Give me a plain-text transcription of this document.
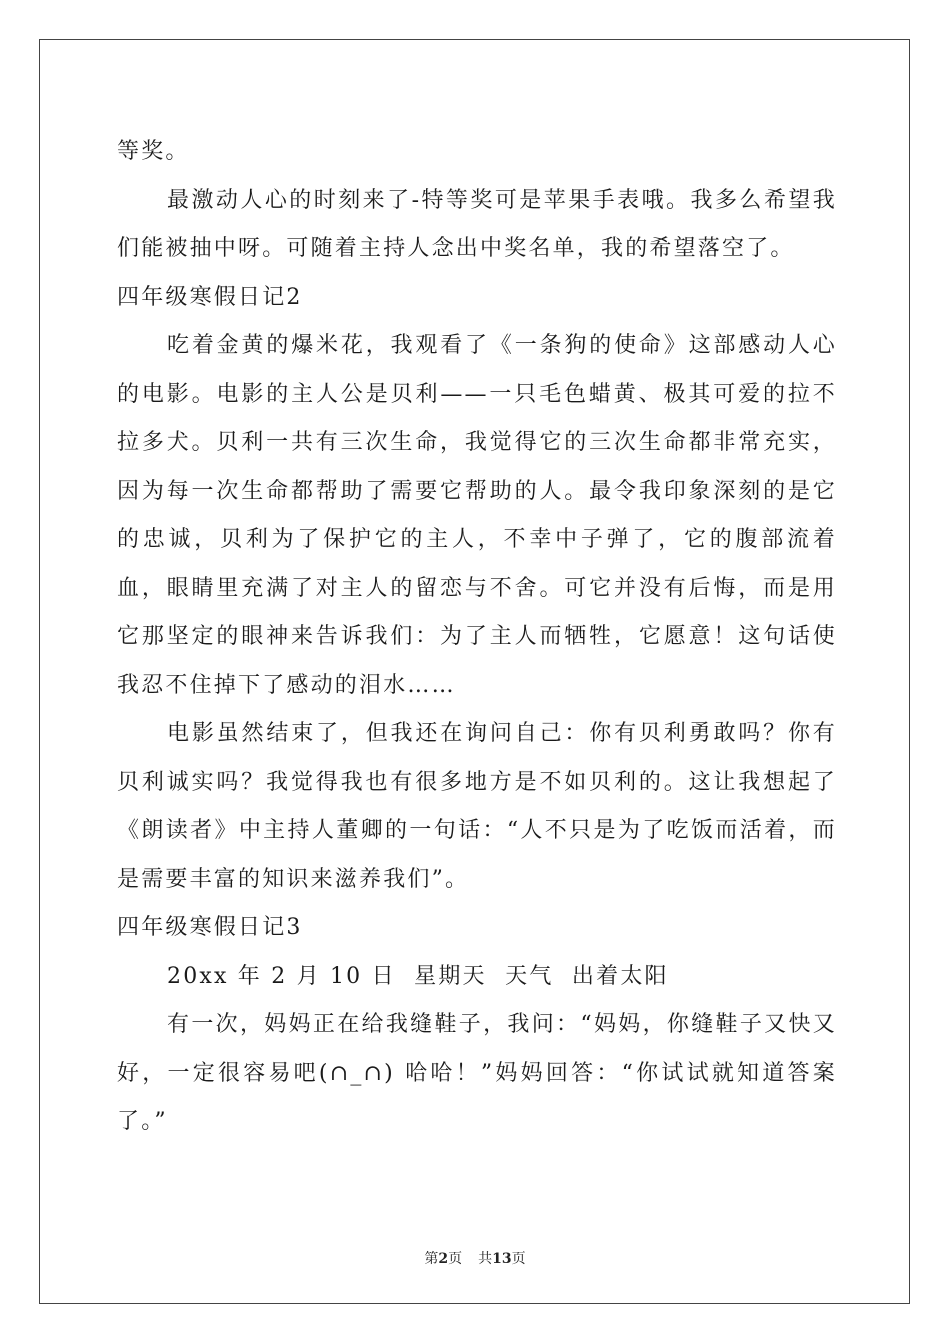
等奖。

最激动人心的时刻来了-特等奖可是苹果手表哦。我多么希望我们能被抽中呀。可随着主持人念出中奖名单，我的希望落空了。

四年级寒假日记2

吃着金黄的爆米花，我观看了《一条狗的使命》这部感动人心的电影。电影的主人公是贝利——一只毛色蜡黄、极其可爱的拉不拉多犬。贝利一共有三次生命，我觉得它的三次生命都非常充实，因为每一次生命都帮助了需要它帮助的人。最令我印象深刻的是它的忠诚，贝利为了保护它的主人，不幸中子弹了，它的腹部流着血，眼睛里充满了对主人的留恋与不舍。可它并没有后悔，而是用它那坚定的眼神来告诉我们：为了主人而牺牲，它愿意！这句话使我忍不住掉下了感动的泪水……

电影虽然结束了，但我还在询问自己：你有贝利勇敢吗？你有贝利诚实吗？我觉得我也有很多地方是不如贝利的。这让我想起了《朗读者》中主持人董卿的一句话：“人不只是为了吃饭而活着，而是需要丰富的知识来滋养我们”。

四年级寒假日记3

20xx 年 2 月 10 日  星期天  天气  出着太阳

有一次，妈妈正在给我缝鞋子，我问：“妈妈，你缝鞋子又快又好，一定很容易吧(∩_∩) 哈哈！”妈妈回答：“你试试就知道答案了。”

第2页 共13页
